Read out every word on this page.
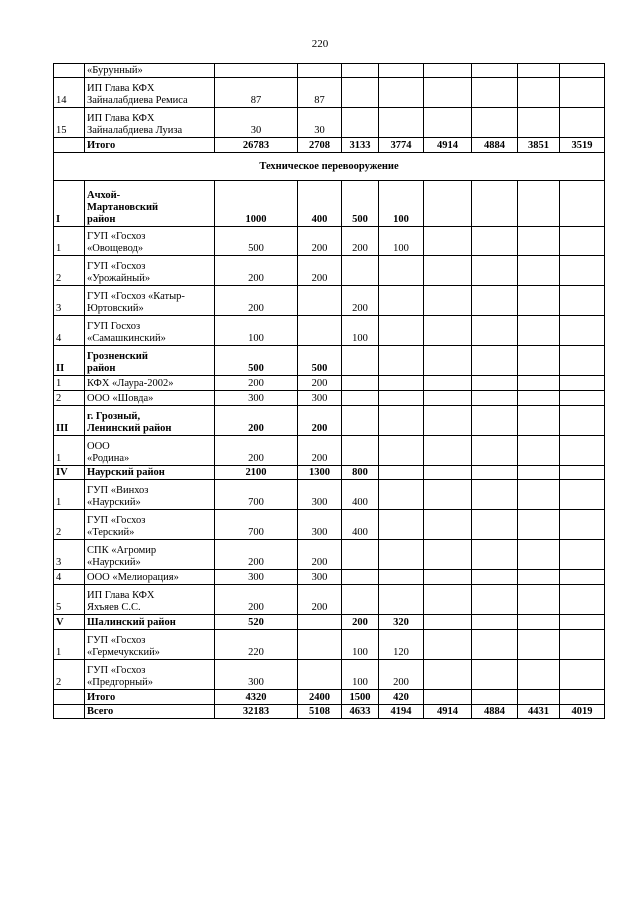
220
	«Бурунный»								
14	ИП Глава КФХ
Зайналабдиева Ремиса	87	87						
15	ИП Глава КФХ
Зайналабдиева Луиза	30	30						
	Итого	26783	2708	3133	3774	4914	4884	3851	3519
Техническое перевооружение									
I	Ачхой-
Мартановский
район	1000	400	500	100				
1	ГУП «Госхоз
«Овощевод»	500	200	200	100				
2	ГУП «Госхоз
«Урожайный»	200	200						
3	ГУП «Госхоз «Катыр-
Юртовский»	200		200					
4	ГУП Госхоз
«Самашкинский»	100		100					
II	Грозненский
район	500	500						
1	КФХ «Лаура-2002»	200	200						
2	ООО «Шовда»	300	300						
III	г. Грозный,
Ленинский район	200	200						
1	ООО
«Родина»	200	200						
IV	Наурский район	2100	1300	800					
1	ГУП «Винхоз
«Наурский»	700	300	400					
2	ГУП «Госхоз
«Терский»	700	300	400					
3	СПК «Агромир
«Наурский»	200	200						
4	ООО «Мелиорация»	300	300						
5	ИП Глава КФХ
Яхъяев С.С.	200	200						
V	Шалинский район	520		200	320				
1	ГУП «Госхоз
«Гермечукский»	220		100	120				
2	ГУП «Госхоз
«Предгорный»	300		100	200				
	Итого	4320	2400	1500	420				
	Всего	32183	5108	4633	4194	4914	4884	4431	4019
